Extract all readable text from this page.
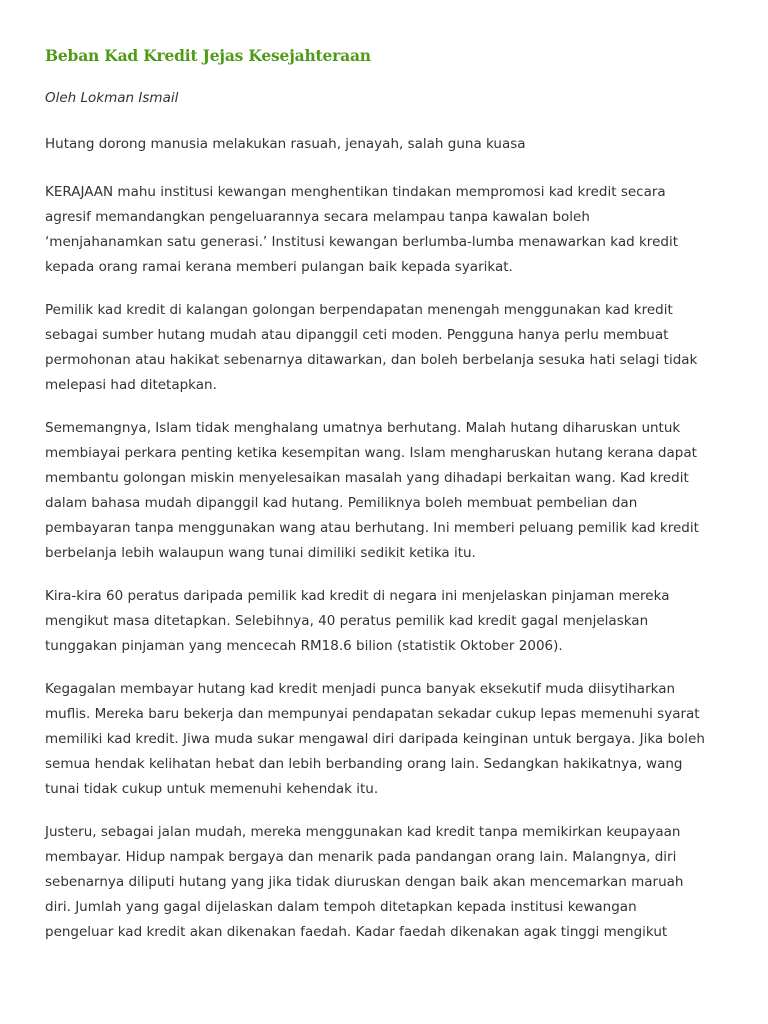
Beban Kad Kredit Jejas Kesejahteraan

Oleh Lokman Ismail

Hutang dorong manusia melakukan rasuah, jenayah, salah guna kuasa

KERAJAAN mahu institusi kewangan menghentikan tindakan mempromosi kad kredit secara
agresif memandangkan pengeluarannya secara melampau tanpa kawalan boleh
‘menjahanamkan satu generasi.’ Institusi kewangan berlumba-lumba menawarkan kad kredit
kepada orang ramai kerana memberi pulangan baik kepada syarikat.

Pemilik kad kredit di kalangan golongan berpendapatan menengah menggunakan kad kredit
sebagai sumber hutang mudah atau dipanggil ceti moden. Pengguna hanya perlu membuat
permohonan atau hakikat sebenarnya ditawarkan, dan boleh berbelanja sesuka hati selagi tidak
melepasi had ditetapkan.

Sememangnya, Islam tidak menghalang umatnya berhutang. Malah hutang diharuskan untuk
membiayai perkara penting ketika kesempitan wang. Islam mengharuskan hutang kerana dapat
membantu golongan miskin menyelesaikan masalah yang dihadapi berkaitan wang. Kad kredit
dalam bahasa mudah dipanggil kad hutang. Pemiliknya boleh membuat pembelian dan
pembayaran tanpa menggunakan wang atau berhutang. Ini memberi peluang pemilik kad kredit
berbelanja lebih walaupun wang tunai dimiliki sedikit ketika itu.

Kira-kira 60 peratus daripada pemilik kad kredit di negara ini menjelaskan pinjaman mereka
mengikut masa ditetapkan. Selebihnya, 40 peratus pemilik kad kredit gagal menjelaskan
tunggakan pinjaman yang mencecah RM18.6 bilion (statistik Oktober 2006).

Kegagalan membayar hutang kad kredit menjadi punca banyak eksekutif muda diisytiharkan
muflis. Mereka baru bekerja dan mempunyai pendapatan sekadar cukup lepas memenuhi syarat
memiliki kad kredit. Jiwa muda sukar mengawal diri daripada keinginan untuk bergaya. Jika boleh
semua hendak kelihatan hebat dan lebih berbanding orang lain. Sedangkan hakikatnya, wang
tunai tidak cukup untuk memenuhi kehendak itu.

Justeru, sebagai jalan mudah, mereka menggunakan kad kredit tanpa memikirkan keupayaan
membayar. Hidup nampak bergaya dan menarik pada pandangan orang lain. Malangnya, diri
sebenarnya diliputi hutang yang jika tidak diuruskan dengan baik akan mencemarkan maruah
diri. Jumlah yang gagal dijelaskan dalam tempoh ditetapkan kepada institusi kewangan
pengeluar kad kredit akan dikenakan faedah. Kadar faedah dikenakan agak tinggi mengikut
